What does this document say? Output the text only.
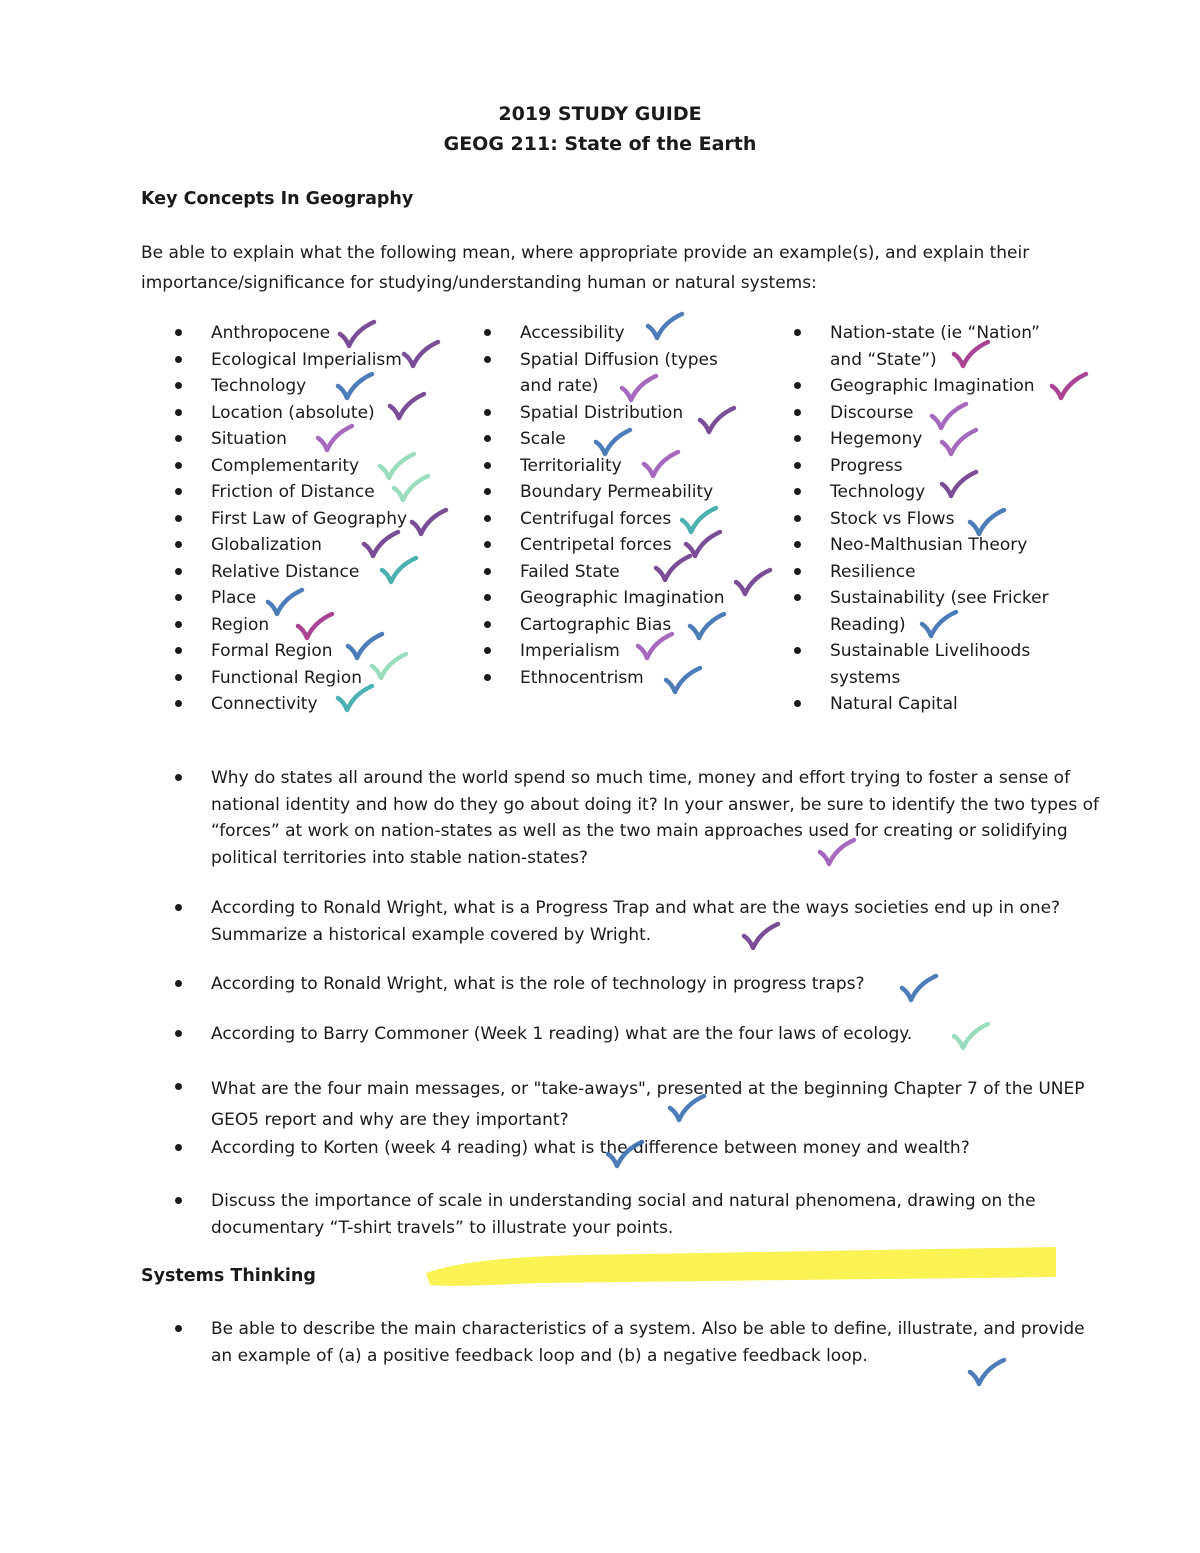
2019 STUDY GUIDE
GEOG 211: State of the Earth
Key Concepts In Geography
Be able to explain what the following mean, where appropriate provide an example(s), and explain their
importance/significance for studying/understanding human or natural systems:
Anthropocene
Ecological Imperialism
Technology
Location (absolute)
Situation
Complementarity
Friction of Distance
First Law of Geography
Globalization
Relative Distance
Place
Region
Formal Region
Functional Region
Connectivity
Accessibility
Spatial Diffusion (types and rate)
Spatial Distribution
Scale
Territoriality
Boundary Permeability
Centrifugal forces
Centripetal forces
Failed State
Geographic Imagination
Cartographic Bias
Imperialism
Ethnocentrism
Nation-state (ie “Nation” and “State”)
Geographic Imagination
Discourse
Hegemony
Progress
Technology
Stock vs Flows
Neo-Malthusian Theory
Resilience
Sustainability (see Fricker Reading)
Sustainable Livelihoods systems
Natural Capital
Why do states all around the world spend so much time, money and effort trying to foster a sense of national identity and how do they go about doing it? In your answer, be sure to identify the two types of “forces” at work on nation-states as well as the two main approaches used for creating or solidifying political territories into stable nation-states?
According to Ronald Wright, what is a Progress Trap and what are the ways societies end up in one? Summarize a historical example covered by Wright.
According to Ronald Wright, what is the role of technology in progress traps?
According to Barry Commoner (Week 1 reading) what are the four laws of ecology.
What are the four main messages, or "take-aways", presented at the beginning Chapter 7 of the UNEP GEO5 report and why are they important?
According to Korten (week 4 reading) what is the difference between money and wealth?
Discuss the importance of scale in understanding social and natural phenomena, drawing on the documentary “T-shirt travels” to illustrate your points.
Systems Thinking
Be able to describe the main characteristics of a system. Also be able to define, illustrate, and provide an example of (a) a positive feedback loop and (b) a negative feedback loop.
